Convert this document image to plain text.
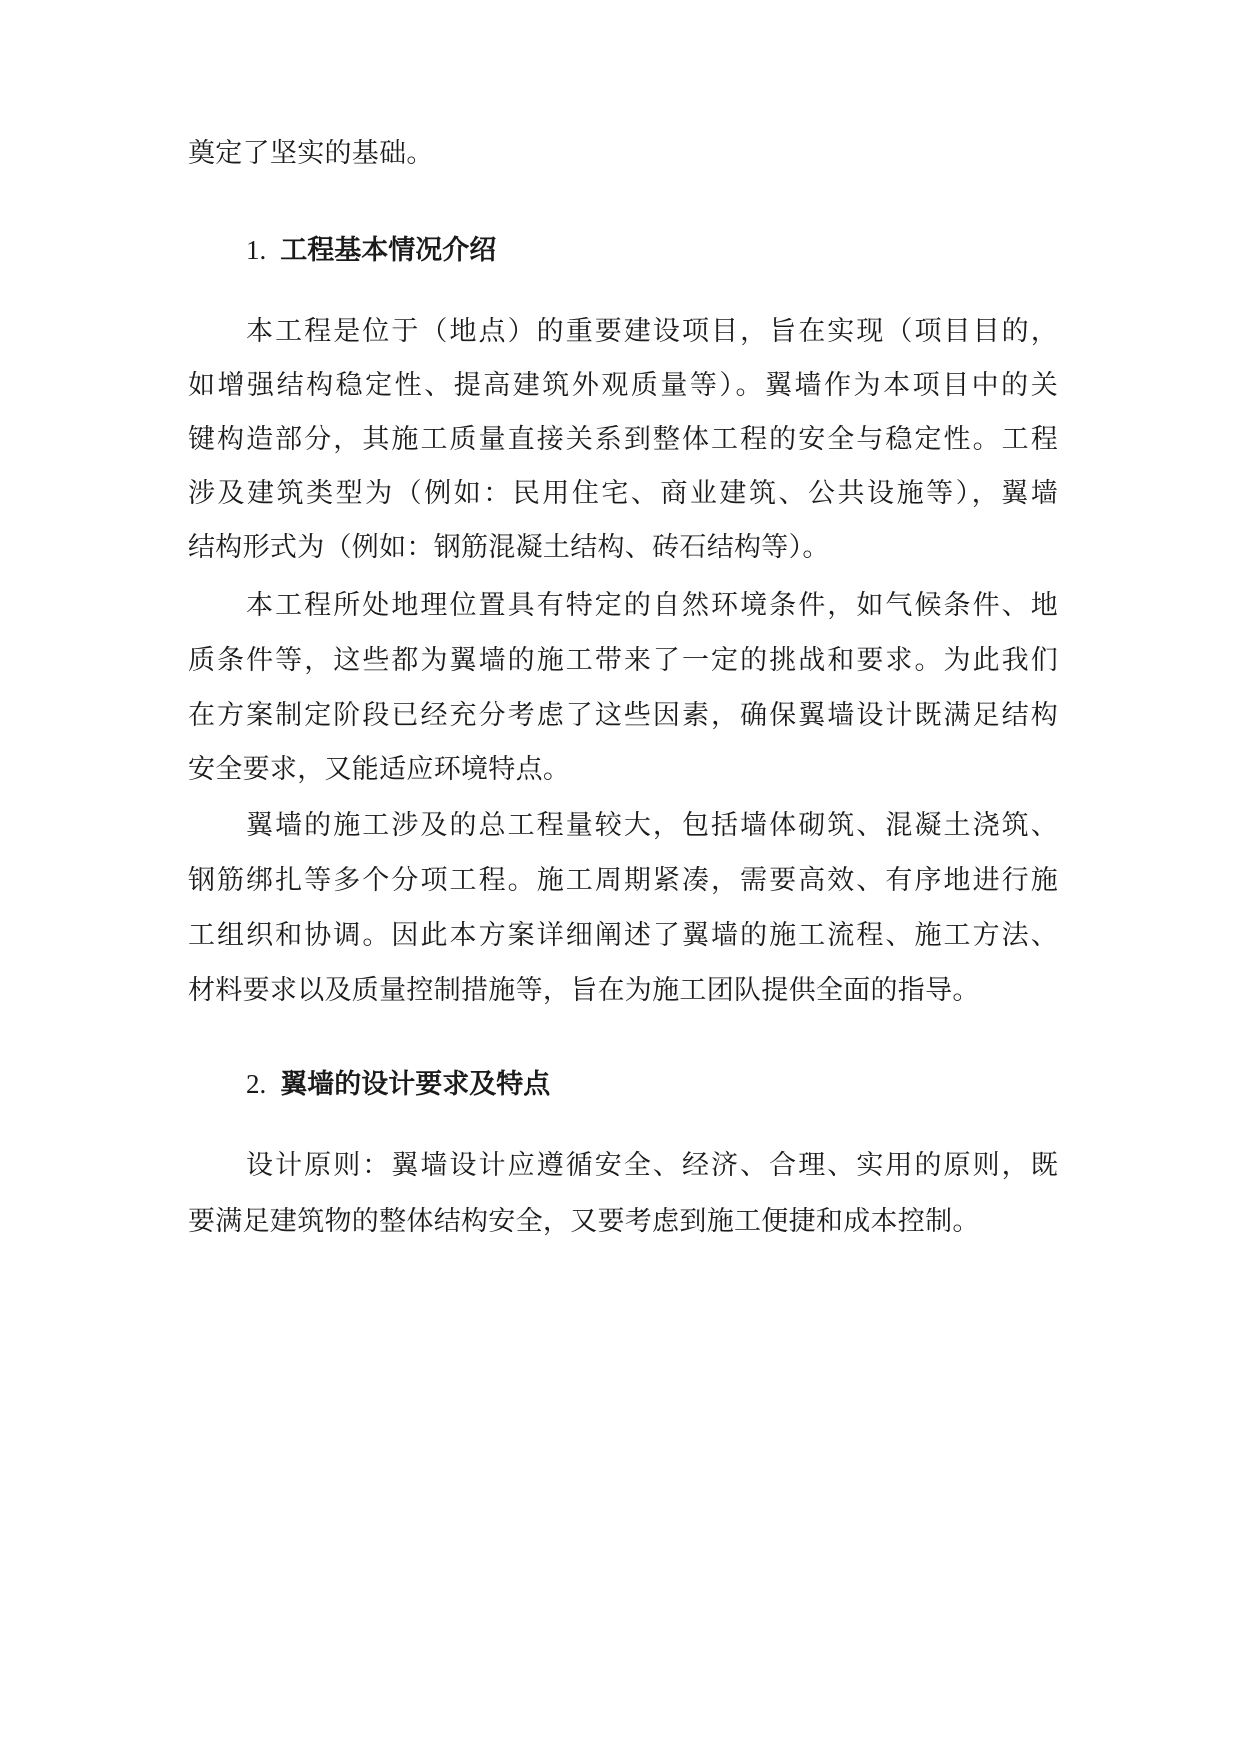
奠定了坚实的基础。
1. 工程基本情况介绍
本工程是位于（地点）的重要建设项目，旨在实现（项目目的，
如增强结构稳定性、提高建筑外观质量等）。翼墙作为本项目中的关
键构造部分，其施工质量直接关系到整体工程的安全与稳定性。工程
涉及建筑类型为（例如：民用住宅、商业建筑、公共设施等），翼墙
结构形式为（例如：钢筋混凝土结构、砖石结构等）。
本工程所处地理位置具有特定的自然环境条件，如气候条件、地
质条件等，这些都为翼墙的施工带来了一定的挑战和要求。为此我们
在方案制定阶段已经充分考虑了这些因素，确保翼墙设计既满足结构
安全要求，又能适应环境特点。
翼墙的施工涉及的总工程量较大，包括墙体砌筑、混凝土浇筑、
钢筋绑扎等多个分项工程。施工周期紧凑，需要高效、有序地进行施
工组织和协调。因此本方案详细阐述了翼墙的施工流程、施工方法、
材料要求以及质量控制措施等，旨在为施工团队提供全面的指导。
2. 翼墙的设计要求及特点
设计原则：翼墙设计应遵循安全、经济、合理、实用的原则，既
要满足建筑物的整体结构安全，又要考虑到施工便捷和成本控制。
